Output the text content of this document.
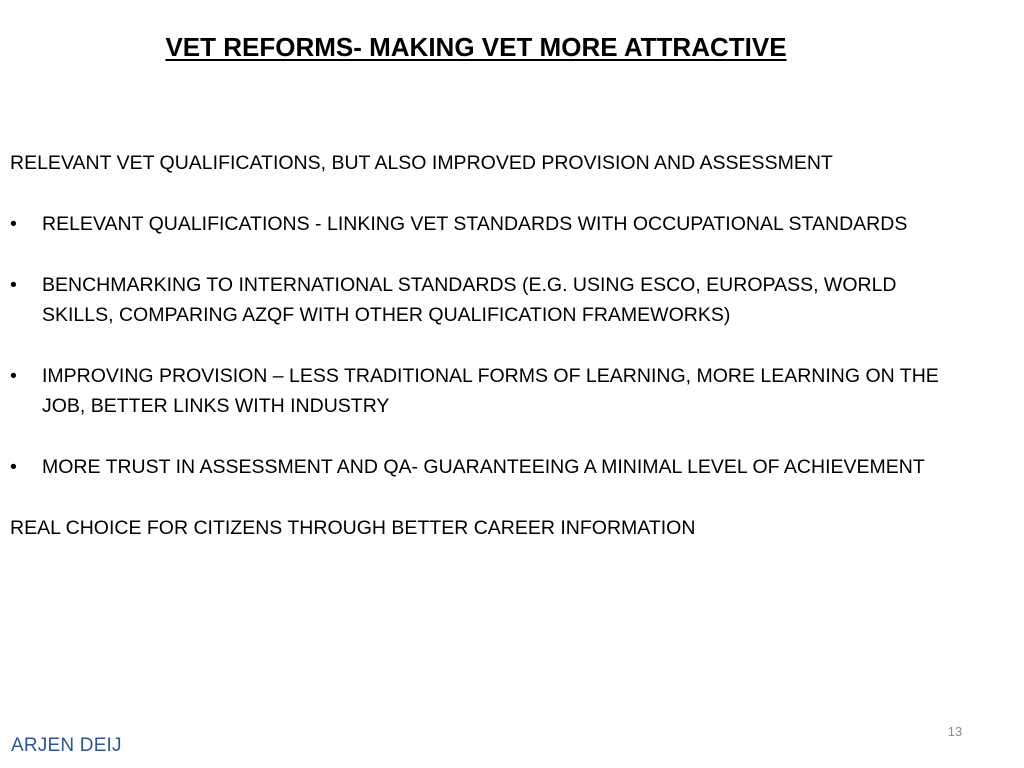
VET REFORMS- MAKING VET MORE ATTRACTIVE

RELEVANT VET QUALIFICATIONS, BUT ALSO IMPROVED PROVISION AND ASSESSMENT

•	RELEVANT QUALIFICATIONS - LINKING VET STANDARDS WITH OCCUPATIONAL STANDARDS
•	BENCHMARKING TO INTERNATIONAL STANDARDS (E.G. USING ESCO, EUROPASS, WORLD
SKILLS, COMPARING AZQF WITH OTHER QUALIFICATION FRAMEWORKS)
•	IMPROVING PROVISION – LESS TRADITIONAL FORMS OF LEARNING, MORE LEARNING ON THE
JOB, BETTER LINKS WITH INDUSTRY
•	MORE TRUST IN ASSESSMENT AND QA- GUARANTEEING A MINIMAL LEVEL OF ACHIEVEMENT

REAL CHOICE FOR CITIZENS THROUGH BETTER CAREER INFORMATION

13
ARJEN DEIJ
